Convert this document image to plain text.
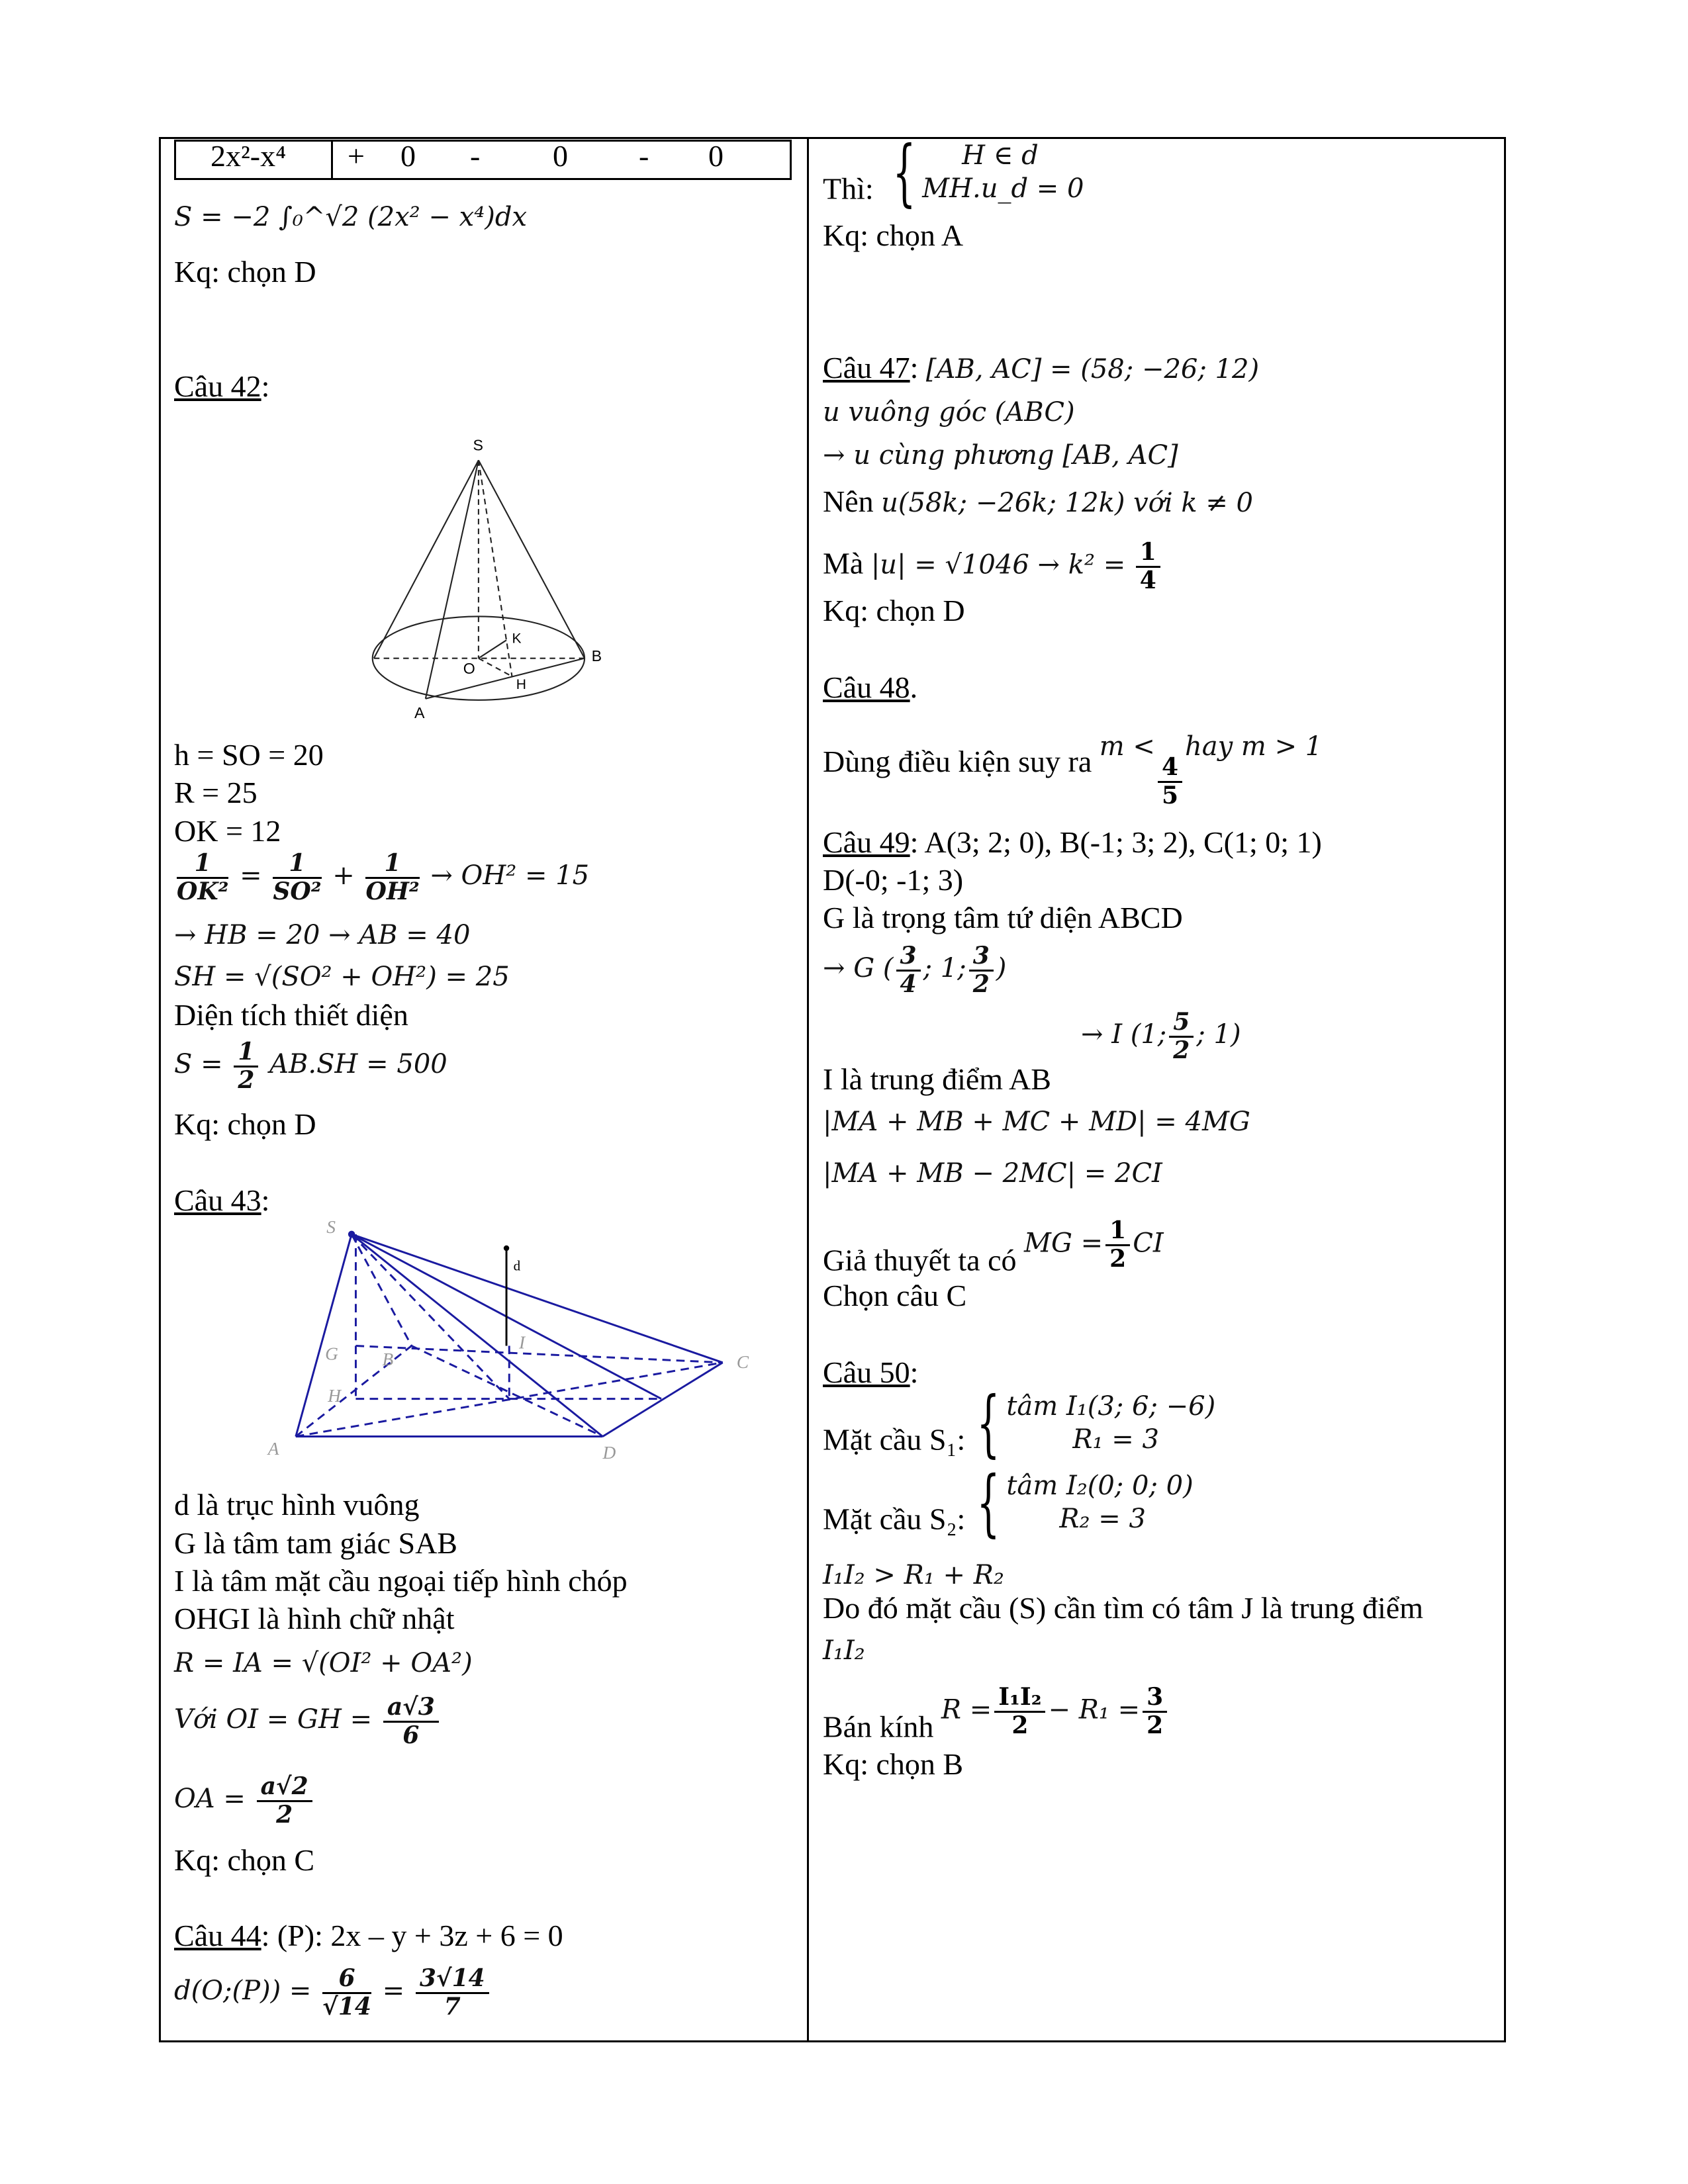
2x²-x⁴ + 0 - 0 - 0
S = −2 ∫₀^√2 (2x² − x⁴)dx
Kq: chọn D
Câu 42:
S
O
A
B
K
H
S
G	B
H
A	D
C
I
d
h = SO = 20
R = 25
OK = 12
$\frac{1}{\text{OK²}} = \frac{1}{\text{SO²}} + \frac{1}{\text{OH²}} \to OH^2 = 15$
→ HB = 20 → AB = 40
SH = √(SO² + OH²) = 25
Diện tích thiết diện
$S = \frac{1}{2} AB.SH = 500$
Kq: chọn D
Câu 43:
d là trục hình vuông
G là tâm tam giác SAB
I là tâm mặt cầu ngoại tiếp hình chóp
OHGI là hình chữ nhật
R = IA = √(OI² + OA²)
Với OI = GH = $\frac{a√3}{6}$
OA = $\frac{a√2}{2}$
Kq: chọn C
Câu 44: (P): 2x – y + 3z + 6 = 0
d(O;(P)) = $\frac{6}{√14} = \frac{3√14}{7}$
Thì: {	H ∈ d
MH.u_d = 0
Kq: chọn A
Câu 47: [AB, AC] = (58; −26; 12)
u vuông góc (ABC)
→ u cùng phương [AB, AC]
Nên u(58k; −26k; 12k) với k ≠ 0
Mà $|u| = √1046 \to k^2 = \frac{1}{4}$
Kq: chọn D
Câu 48.
Dùng điều kiện suy ra m <
$\frac{4}{5}$
hay m > 1
Câu 49: A(3; 2; 0), B(-1; 3; 2), C(1; 0; 1)
D(-0; -1; 3)
G là trọng tâm tứ diện ABCD
→ G ( $\frac{3}{4}$ ; 1; $\frac{3}{2}$ )
→ I (1; $\frac{5}{2}$ ; 1)
I là trung điểm AB
|MA + MB + MC + MD| = 4MG
|MA + MB − 2MC| = 2CI
Giả thuyết ta có MG = $\frac{1}{2}$ CI
Chọn câu C
Câu 50:
Mặt cầu S₁: { tâm I₁(3; 6; −6)
R₁ = 3
Mặt cầu S₂: { tâm I₂(0; 0; 0)
R₂ = 3
I₁I₂ > R₁ + R₂
Do đó mặt cầu (S) cần tìm có tâm J là trung điểm
I₁I₂
Bán kính $R = \frac{\text{I₁I₂}}{2} - R_1 = \frac{3}{2}$
Kq: chọn B
